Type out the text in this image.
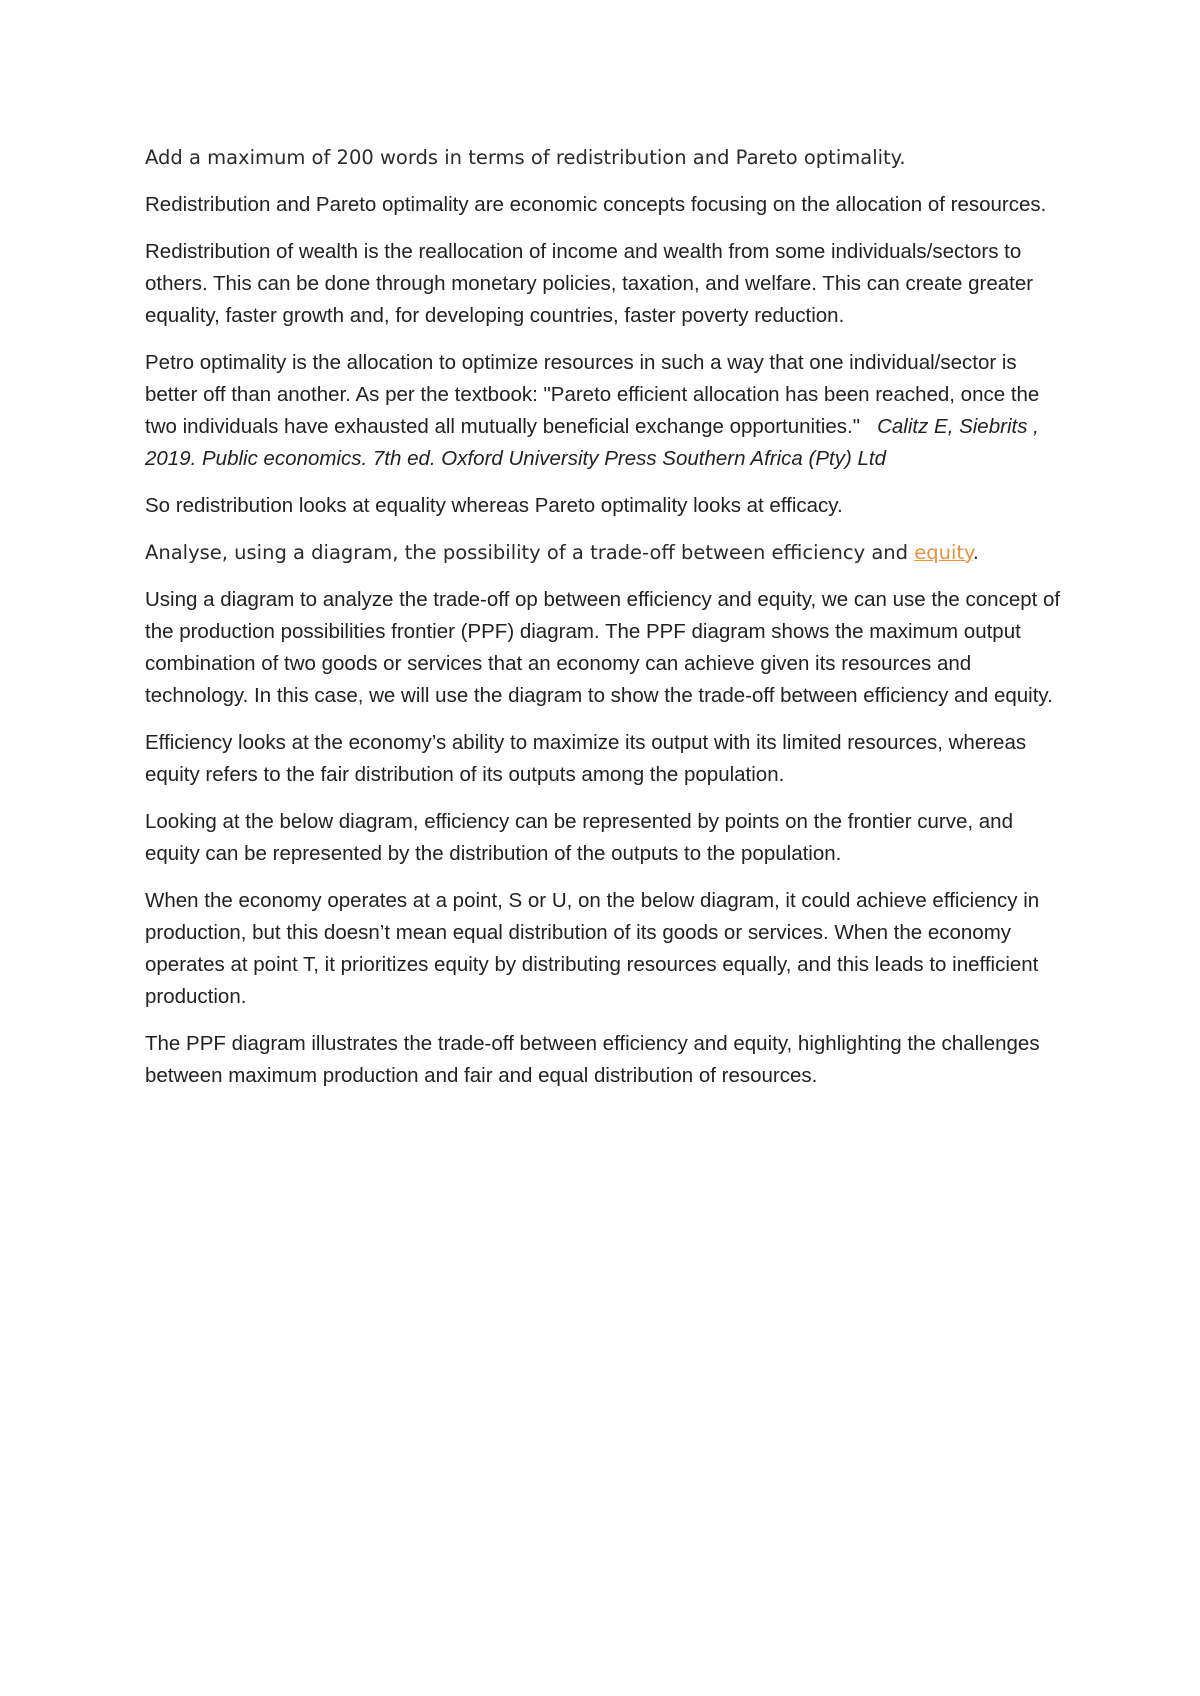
Add a maximum of 200 words in terms of redistribution and Pareto optimality.

Redistribution and Pareto optimality are economic concepts focusing on the allocation of resources.

Redistribution of wealth is the reallocation of income and wealth from some individuals/sectors to others. This can be done through monetary policies, taxation, and welfare. This can create greater equality, faster growth and, for developing countries, faster poverty reduction.

Petro optimality is the allocation to optimize resources in such a way that one individual/sector is better off than another. As per the textbook: "Pareto efficient allocation has been reached, once the two individuals have exhausted all mutually beneficial exchange opportunities." Calitz E, Siebrits , 2019. Public economics. 7th ed. Oxford University Press Southern Africa (Pty) Ltd

So redistribution looks at equality whereas Pareto optimality looks at efficacy.

Analyse, using a diagram, the possibility of a trade-off between efficiency and equity.

Using a diagram to analyze the trade-off op between efficiency and equity, we can use the concept of the production possibilities frontier (PPF) diagram. The PPF diagram shows the maximum output combination of two goods or services that an economy can achieve given its resources and technology. In this case, we will use the diagram to show the trade-off between efficiency and equity.

Efficiency looks at the economy’s ability to maximize its output with its limited resources, whereas equity refers to the fair distribution of its outputs among the population.

Looking at the below diagram, efficiency can be represented by points on the frontier curve, and equity can be represented by the distribution of the outputs to the population.

When the economy operates at a point, S or U, on the below diagram, it could achieve efficiency in production, but this doesn’t mean equal distribution of its goods or services. When the economy operates at point T, it prioritizes equity by distributing resources equally, and this leads to inefficient production.

The PPF diagram illustrates the trade-off between efficiency and equity, highlighting the challenges between maximum production and fair and equal distribution of resources.
